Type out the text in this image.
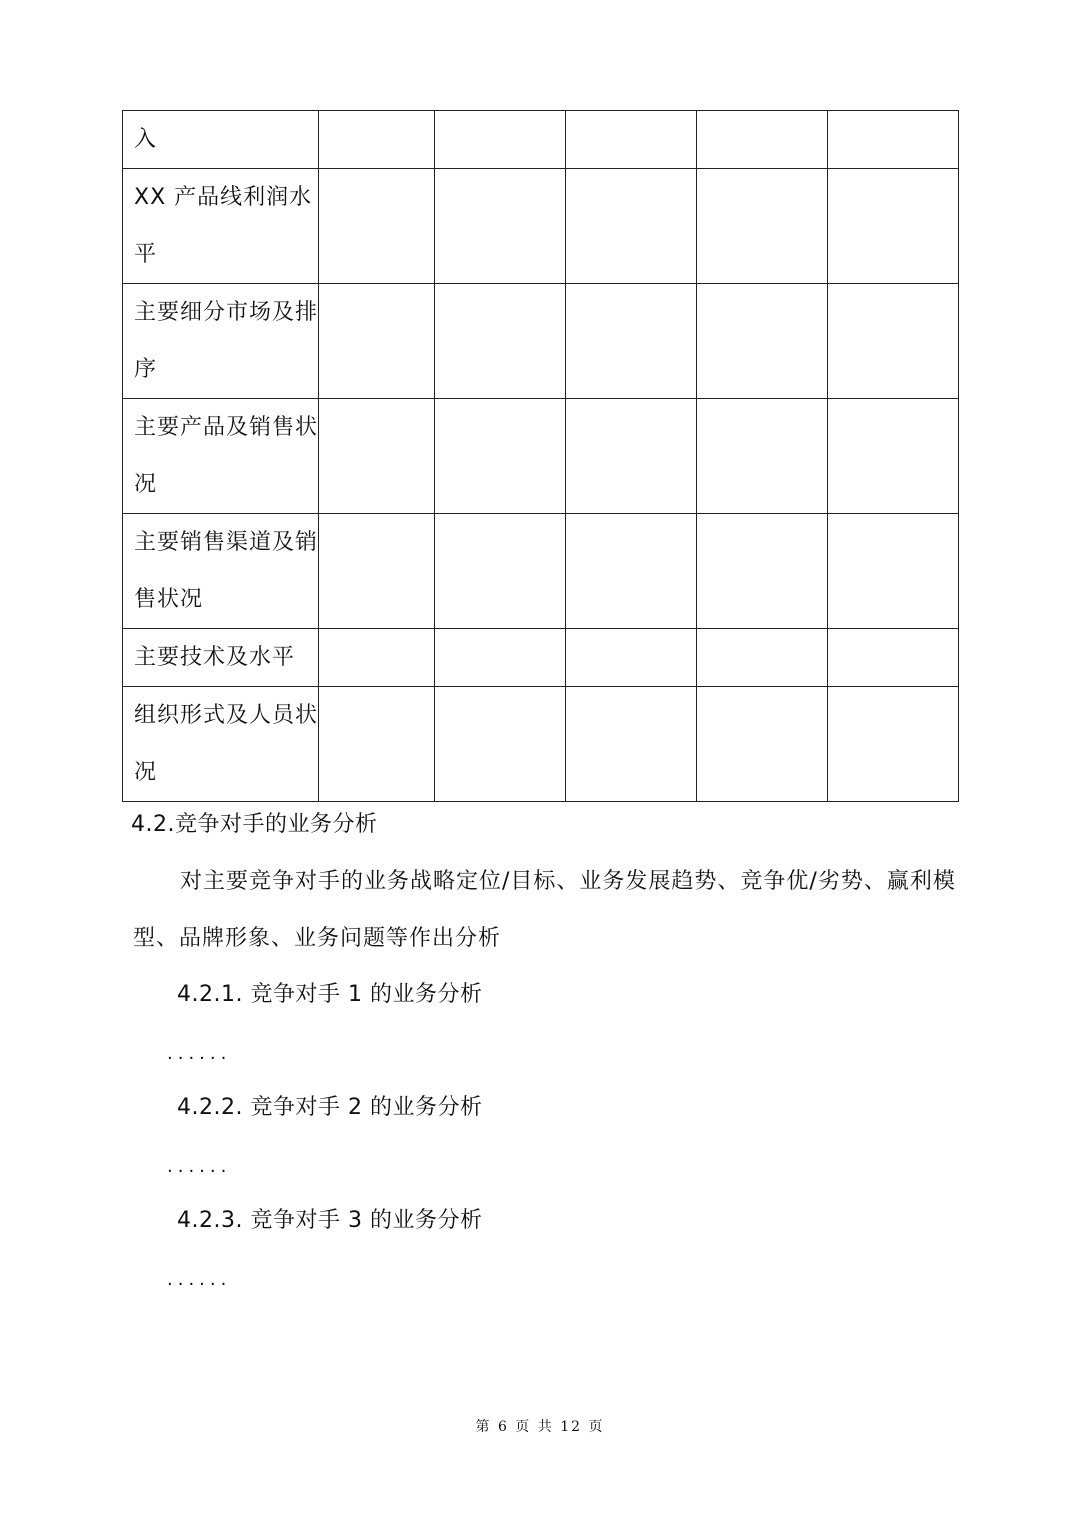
入					
XX 产品线利润水平					
主要细分市场及排序					
主要产品及销售状况					
主要销售渠道及销售状况					
主要技术及水平					
组织形式及人员状况					
4.2.竞争对手的业务分析
对主要竞争对手的业务战略定位/目标、业务发展趋势、竞争优/劣势、赢利模型、品牌形象、业务问题等作出分析
4.2.1. 竞争对手 1 的业务分析
......
4.2.2. 竞争对手 2 的业务分析
......
4.2.3. 竞争对手 3 的业务分析
......
第 6 页 共 12 页
